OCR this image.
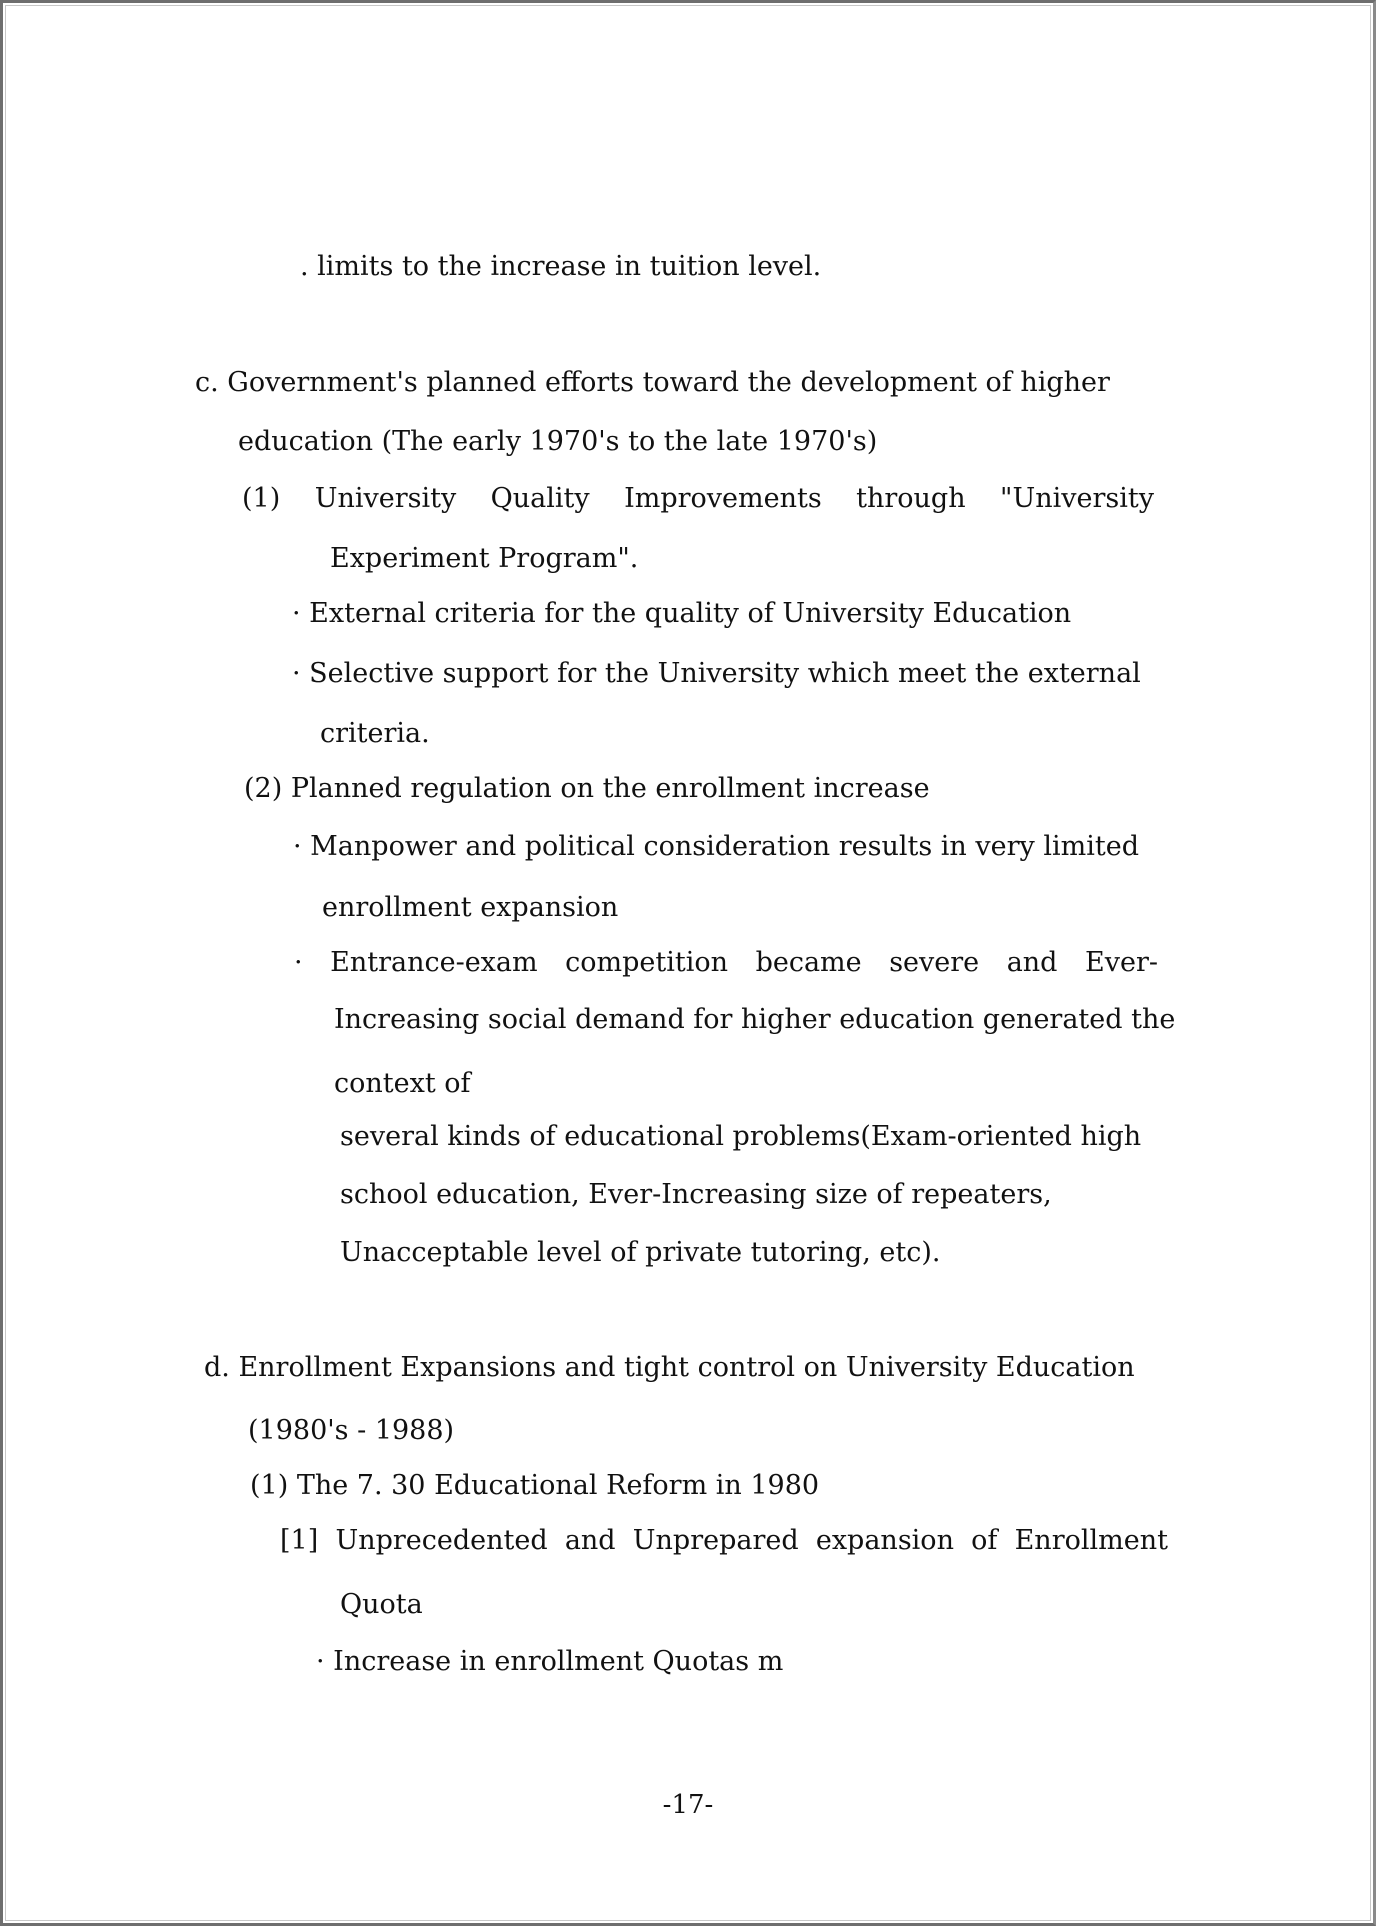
. limits to the increase in tuition level.
c. Government's planned efforts toward the development of higher
education (The early 1970's to the late 1970's)
(1) University Quality Improvements through "University
Experiment Program".
· External criteria for the quality of University Education
· Selective support for the University which meet the external
criteria.
(2) Planned regulation on the enrollment increase
· Manpower and political consideration results in very limited
enrollment expansion
· Entrance-exam competition became severe and Ever-
Increasing social demand for higher education generated the
context of
several kinds of educational problems(Exam-oriented high
school education, Ever-Increasing size of repeaters,
Unacceptable level of private tutoring, etc).
d. Enrollment Expansions and tight control on University Education
(1980's - 1988)
(1) The 7. 30 Educational Reform in 1980
[1] Unprecedented and Unprepared expansion of Enrollment
Quota
· Increase in enrollment Quotas m
-17-
